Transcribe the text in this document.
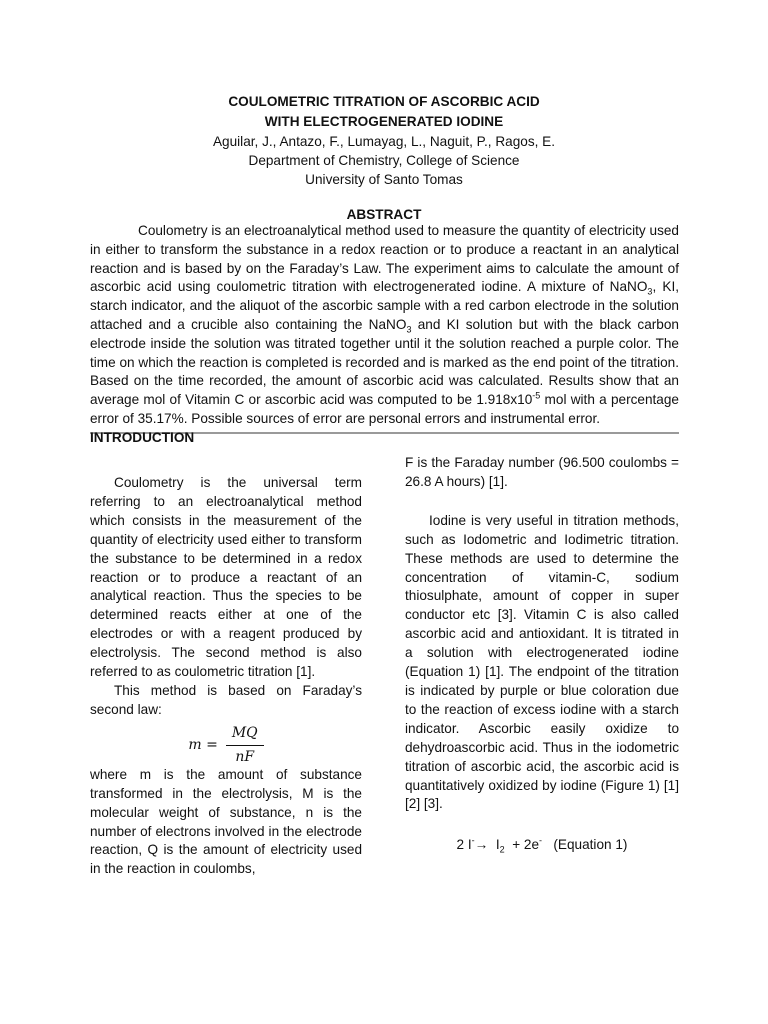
COULOMETRIC TITRATION OF ASCORBIC ACID

WITH ELECTROGENERATED IODINE

Aguilar, J., Antazo, F., Lumayag, L., Naguit, P., Ragos, E.

Department of Chemistry, College of Science

University of Santo Tomas

ABSTRACT

Coulometry is an electroanalytical method used to measure the quantity of electricity used in either to transform the substance in a redox reaction or to produce a reactant in an analytical reaction and is based by on the Faraday’s Law. The experiment aims to calculate the amount of ascorbic acid using coulometric titration with electrogenerated iodine. A mixture of NaNO$_3$, KI, starch indicator, and the aliquot of the ascorbic sample with a red carbon electrode in the solution attached and a crucible also containing the NaNO$_3$ and KI solution but with the black carbon electrode inside the solution was titrated together until it the solution reached a purple color. The time on which the reaction is completed is recorded and is marked as the end point of the titration. Based on the time recorded, the amount of ascorbic acid was calculated. Results show that an average mol of Vitamin C or ascorbic acid was computed to be $1.918x10^{-5}$ mol with a percentage error of 35.17%. Possible sources of error are personal errors and instrumental error.

INTRODUCTION

Coulometry is the universal term referring to an electroanalytical method which consists in the measurement of the quantity of electricity used either to transform the substance to be determined in a redox reaction or to produce a reactant of an analytical reaction. Thus the species to be determined reacts either at one of the electrodes or with a reagent produced by electrolysis. The second method is also referred to as coulometric titration [1].

This method is based on Faraday’s second law:

$m = \frac{MQ}{nF}$

where m is the amount of substance transformed in the electrolysis, M is the molecular weight of substance, n is the number of electrons involved in the electrode reaction, Q is the amount of electricity used in the reaction in coulombs,

F is the Faraday number (96.500 coulombs = 26.8 A hours) [1].

Iodine is very useful in titration methods, such as Iodometric and Iodimetric titration. These methods are used to determine the concentration of vitamin-C, sodium thiosulphate, amount of copper in super conductor etc [3]. Vitamin C is also called ascorbic acid and antioxidant. It is titrated in a solution with electrogenerated iodine (Equation 1) [1]. The endpoint of the titration is indicated by purple or blue coloration due to the reaction of excess iodine with a starch indicator. Ascorbic easily oxidize to dehydroascorbic acid. Thus in the iodometric titration of ascorbic acid, the ascorbic acid is quantitatively oxidized by iodine (Figure 1) [1] [2] [3].

2 $I^-\to I_2 + 2e^-$ (Equation 1)
